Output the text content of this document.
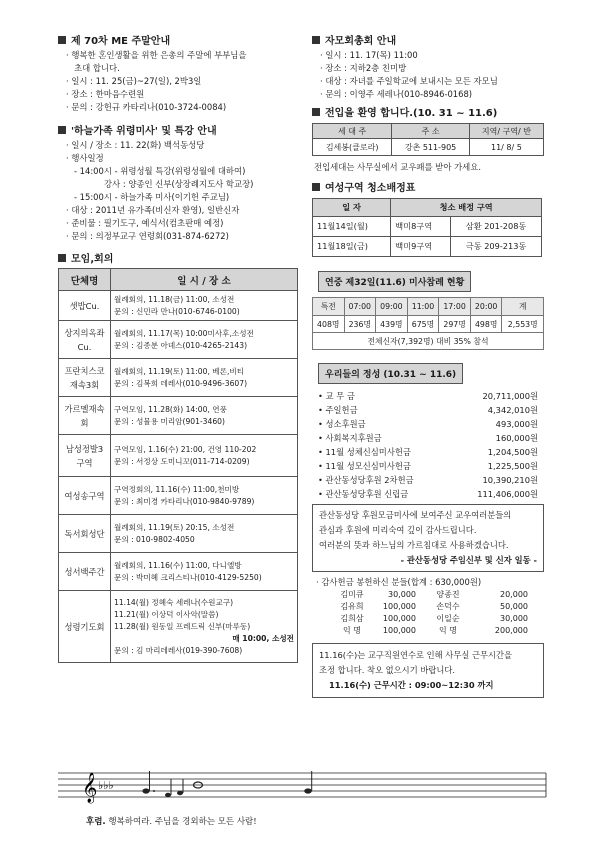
제 70차 ME 주말안내
· 행복한 혼인생활을 위한 은총의 주말에 부부님을
초대 합니다.
· 일시 : 11. 25(금)~27(일), 2박3일
· 장소 : 한마음수련원
· 문의 : 강헌규 카타리나(010-3724-0084)
'하늘가족 위령미사' 및 특강 안내
· 일시 / 장소 : 11. 22(화) 백석동성당
· 행사일정
- 14:00시 - 위령성월 특강(위령성월에 대하여)
강사 : 양종인 신부(상장례지도사 학교장)
- 15:00시 - 하늘가족 미사(이기헌 주교님)
· 대상 : 2011년 유가족(비신자 환영), 일반신자
· 준비물 : 필기도구, 예식서(컴초판매 예정)
· 문의 : 의정부교구 연령회(031-874-6272)
모임,회의
단체명	일 시 / 장 소
셋밥Cu.	월례회의, 11.18(금) 11:00, 소성전
문의 : 신민라 만나(010-6746-0100)

상지의옥좌Cu.	월례회의, 11.17(목) 10:00미사후,소성전
문의 : 김종분 아녜스(010-4265-2143)

프란치스코재속3회	월례회의, 11.19(토) 11:00, 베론,비티
문의 : 김복희 데레사(010-9496-3607)

가르멜재속회	구역모임, 11.28(화) 14:00, 연풍
문의 : 성뮬용 미리암(901-3460)

남성정발3구역	구역모임, 1.16(수) 21:00, 건영 110-202
문의 : 서정상 도미니꼬(011-714-0209)

여성송구역	구역정회의, 11.16(수) 11:00,천미방
문의 : 최미경 카타리나(010-9840-9789)

독서회성단	월례회의, 11.19(토) 20:15, 소성전
문의 : 010-9802-4050

성서백주간	월례회의, 11.16(수) 11:00, 다니엘방
문의 : 박미혜 크리스티나(010-4129-5250)

성령기도회	11.14(월) 정혜숙 세레나(수원교구)
11.21(월) 이상덕 이사악(말씀)
11.28(월) 원동일 프레드릭 신부(마루동)
매 10:00, 소성전
문의 : 김 마리데레사(019-390-7608)
자모회총회 안내
· 일시 : 11. 17(목) 11:00
· 장소 : 지하2층 친미방
· 대상 : 자녀를 주일학교에 보내시는 모든 자모님
· 문의 : 이영주 세레나(010-8946-0168)
전입을 환영 합니다.(10. 31 ~ 11.6)
세 대 주	주 소	지역/ 구역/ 반
김세봉(클로라)	강촌 511-905	11/ 8/ 5
전입세대는 사무실에서 교우패를 받아 가세요.
여성구역 청소배정표
일 자	청소 배정 구역	
11월14일(월)	백미8구역	삼환 201-208동
11월18일(금)	백미9구역	극동 209-213동
연중 제32일(11.6) 미사참례 현황
특전	07:00	09:00	11:00	17:00	20:00	계
408명	236명	439명	675명	297명	498명	2,553명
전체신자(7,392명) 대비 35% 참석						
우리들의 정성 (10.31 ~ 11.6)
• 교 무 금	20,711,000원
• 주일헌금	4,342,010원
• 성소후원금	493,000원
• 사회복지후원금	160,000원
• 11월 성체신심미사헌금	1,204,500원
• 11월 성모신심미사헌금	1,225,500원
• 관산동성당후원 2차헌금	10,390,210원
• 관산동성당후원 신립금	111,406,000원
관산동성당 후원모금미사에 보여주신 교우여러분들의
관심과 후원에 미리숙여 깊이 감사드립니다.
여러분의 뜻과 하느님의 가르침대로 사용하겠습니다.
- 관산동성당 주임신부 및 신자 일동 -
· 감사헌금 봉헌하신 분들(합계 : 630,000원)
김미큐	30,000	양종진	20,000
김유희	100,000	손덕수	50,000
김희삼	100,000	이일순	30,000
익 명	100,000	익 명	200,000
11.16(수)는 교구직원연수로 인해 사무실 근무시간을
조정 합니다. 착오 없으시기 바랍니다.
11.16(수) 근무시간 : 09:00~12:30 까지
𝄞 ♭♭♭
후렴. 행복하여라. 주님을 경외하는 모든 사람!
